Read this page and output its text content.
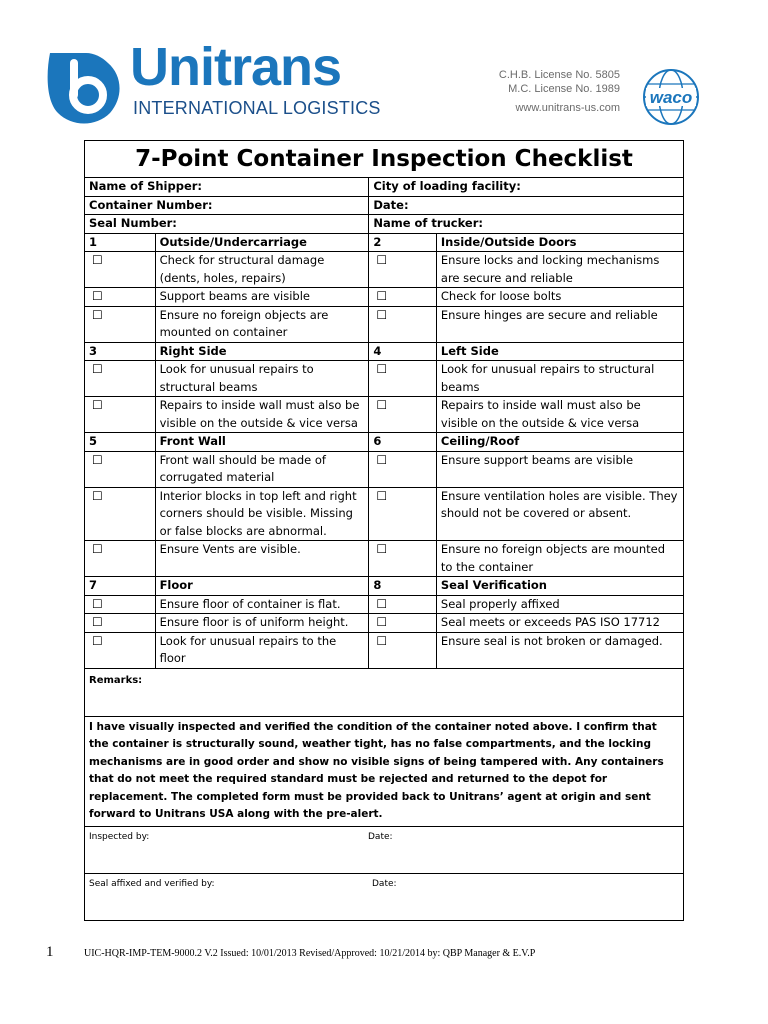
Unitrans
INTERNATIONAL LOGISTICS
C.H.B. License No. 5805
M.C. License No. 1989
www.unitrans-us.com
waco
7-Point Container Inspection Checklist			
Name of Shipper:		City of loading facility:	
Container Number:		Date:	
Seal Number:		Name of trucker:	
1	Outside/Undercarriage	2	Inside/Outside Doors
☐	Check for structural damage (dents, holes, repairs)	☐	Ensure locks and locking mechanisms are secure and reliable
☐	Support beams are visible	☐	Check for loose bolts
☐	Ensure no foreign objects are mounted on container	☐	Ensure hinges are secure and reliable
3	Right Side	4	Left Side
☐	Look for unusual repairs to structural beams	☐	Look for unusual repairs to structural beams
☐	Repairs to inside wall must also be visible on the outside & vice versa	☐	Repairs to inside wall must also be visible on the outside & vice versa
5	Front Wall	6	Ceiling/Roof
☐	Front wall should be made of corrugated material	☐	Ensure support beams are visible
☐	Interior blocks in top left and right corners should be visible. Missing or false blocks are abnormal.	☐	Ensure ventilation holes are visible. They should not be covered or absent.
☐	Ensure Vents are visible.	☐	Ensure no foreign objects are mounted to the container
7	Floor	8	Seal Verification
☐	Ensure floor of container is flat.	☐	Seal properly affixed
☐	Ensure floor is of uniform height.	☐	Seal meets or exceeds PAS ISO 17712
☐	Look for unusual repairs to the floor	☐	Ensure seal is not broken or damaged.
Remarks:			
I have visually inspected and verified the condition of the container noted above. I confirm that the container is structurally sound, weather tight, has no false compartments, and the locking mechanisms are in good order and show no visible signs of being tampered with. Any containers that do not meet the required standard must be rejected and returned to the depot for replacement. The completed form must be provided back to Unitrans’ agent at origin and sent forward to Unitrans USA along with the pre-alert.			
Inspected by: Date:			

Seal affixed and verified by: Date:			
1	UIC-HQR-IMP-TEM-9000.2 V.2 Issued: 10/01/2013 Revised/Approved: 10/21/2014 by: QBP Manager & E.V.P
